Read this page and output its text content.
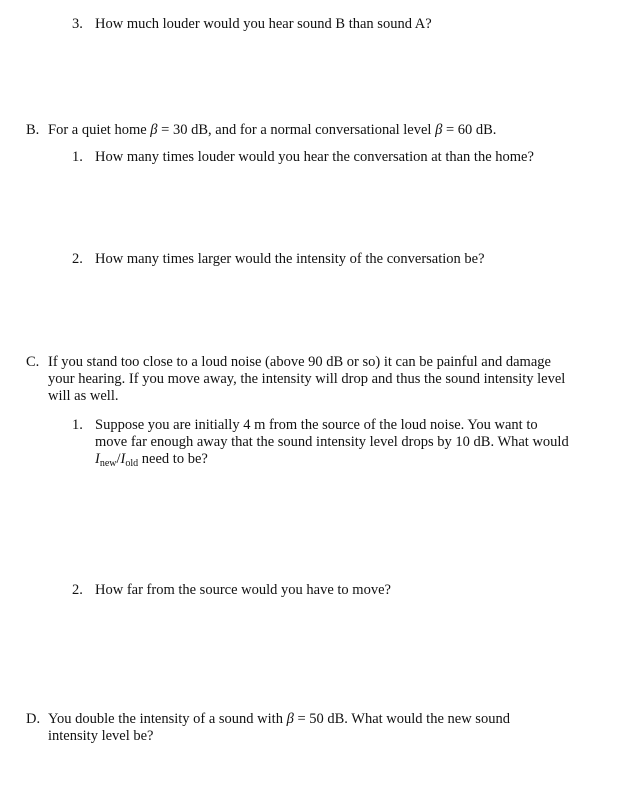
3. How much louder would you hear sound B than sound A?
B. For a quiet home β = 30 dB, and for a normal conversational level β = 60 dB.
1. How many times louder would you hear the conversation at than the home?
2. How many times larger would the intensity of the conversation be?
C. If you stand too close to a loud noise (above 90 dB or so) it can be painful and damage
your hearing. If you move away, the intensity will drop and thus the sound intensity level
will as well.
1. Suppose you are initially 4 m from the source of the loud noise. You want to
move far enough away that the sound intensity level drops by 10 dB. What would
$I_{new}/I_{old}$ need to be?
2. How far from the source would you have to move?
D. You double the intensity of a sound with β = 50 dB. What would the new sound
intensity level be?
